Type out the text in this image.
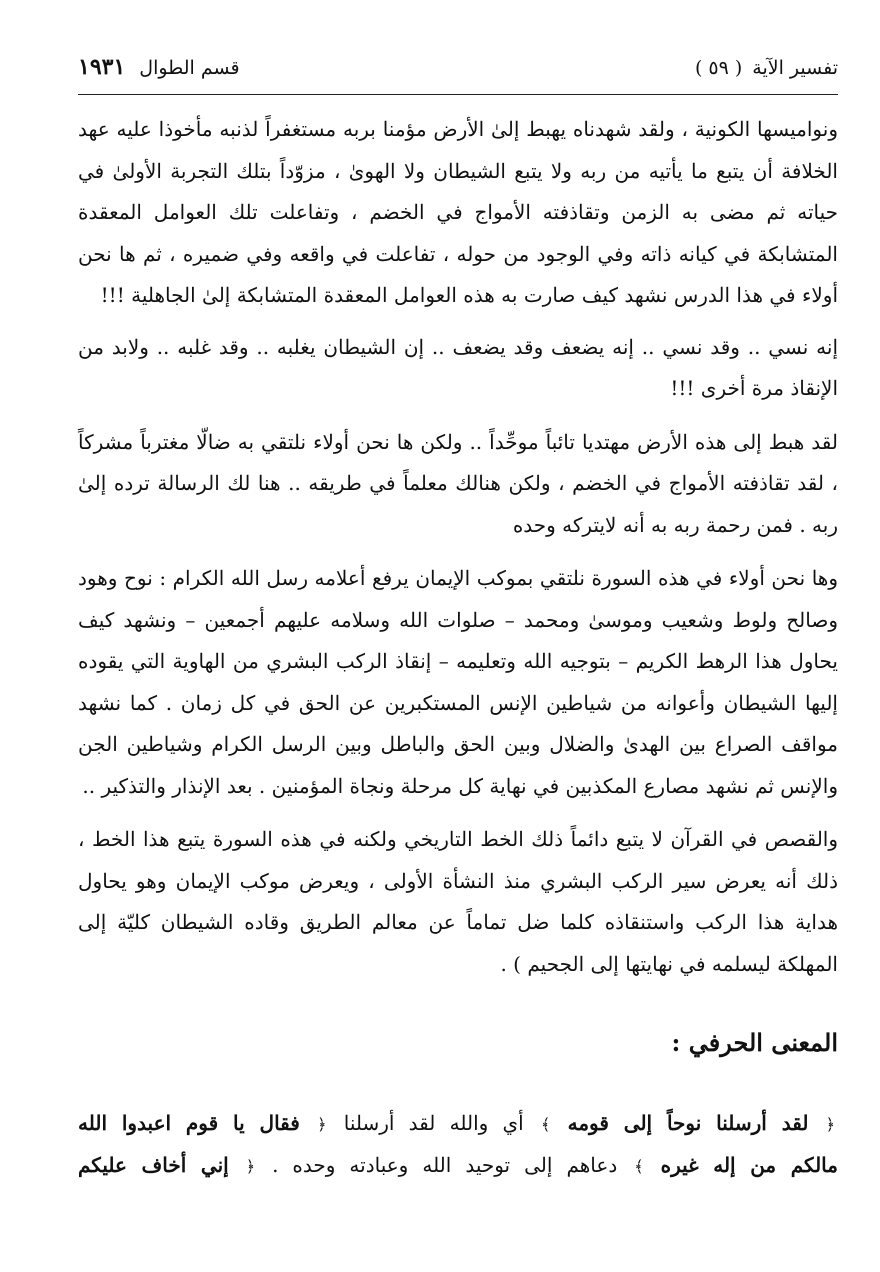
تفسير الآية
( ٥٩ )
قسم الطوال
١٩٣١

ونواميسها الكونية ، ولقد شهدناه يهبط إلىٰ الأرض مؤمنا بربه مستغفراً لذنبه مأخوذا عليه عهد الخلافة أن يتبع ما يأتيه من ربه ولا يتبع الشيطان ولا الهوىٰ ، مزوّداً بتلك التجربة الأولىٰ في حياته ثم مضى به الزمن وتقاذفته الأمواج في الخضم ، وتفاعلت تلك العوامل المعقدة المتشابكة في كيانه ذاته وفي الوجود من حوله ، تفاعلت في واقعه وفي ضميره ، ثم ها نحن أولاء في هذا الدرس نشهد كيف صارت به هذه العوامل المعقدة المتشابكة إلىٰ الجاهلية !!!

إنه نسي .. وقد نسي .. إنه يضعف وقد يضعف .. إن الشيطان يغلبه .. وقد غلبه .. ولابد من الإنقاذ مرة أخرى !!!

لقد هبط إلى هذه الأرض مهتديا تائباً موحِّداً .. ولكن ها نحن أولاء نلتقي به ضالّا مغترباً مشركاً ، لقد تقاذفته الأمواج في الخضم ، ولكن هنالك معلماً في طريقه .. هنا لك الرسالة ترده إلىٰ ربه . فمن رحمة ربه به أنه لايتركه وحده

وها نحن أولاء في هذه السورة نلتقي بموكب الإيمان يرفع أعلامه رسل الله الكرام : نوح وهود وصالح ولوط وشعيب وموسىٰ ومحمد – صلوات الله وسلامه عليهم أجمعين – ونشهد كيف يحاول هذا الرهط الكريم – بتوجيه الله وتعليمه – إنقاذ الركب البشري من الهاوية التي يقوده إليها الشيطان وأعوانه من شياطين الإنس المستكبرين عن الحق في كل زمان . كما نشهد مواقف الصراع بين الهدىٰ والضلال وبين الحق والباطل وبين الرسل الكرام وشياطين الجن والإنس ثم نشهد مصارع المكذبين في نهاية كل مرحلة ونجاة المؤمنين . بعد الإنذار والتذكير ..

والقصص في القرآن لا يتبع دائماً ذلك الخط التاريخي ولكنه في هذه السورة يتبع هذا الخط ، ذلك أنه يعرض سير الركب البشري منذ النشأة الأولى ، ويعرض موكب الإيمان وهو يحاول هداية هذا الركب واستنقاذه كلما ضل تماماً عن معالم الطريق وقاده الشيطان كليّة إلى المهلكة ليسلمه في نهايتها إلى الجحيم ) .

المعنى الحرفي :
﴿ لقد أرسلنا نوحاً إلى قومه ﴾ أي والله لقد أرسلنا ﴿ فقال يا قوم اعبدوا الله
مالكم من إله غيره ﴾ دعاهم إلى توحيد الله وعبادته وحده . ﴿ إني أخاف عليكم
